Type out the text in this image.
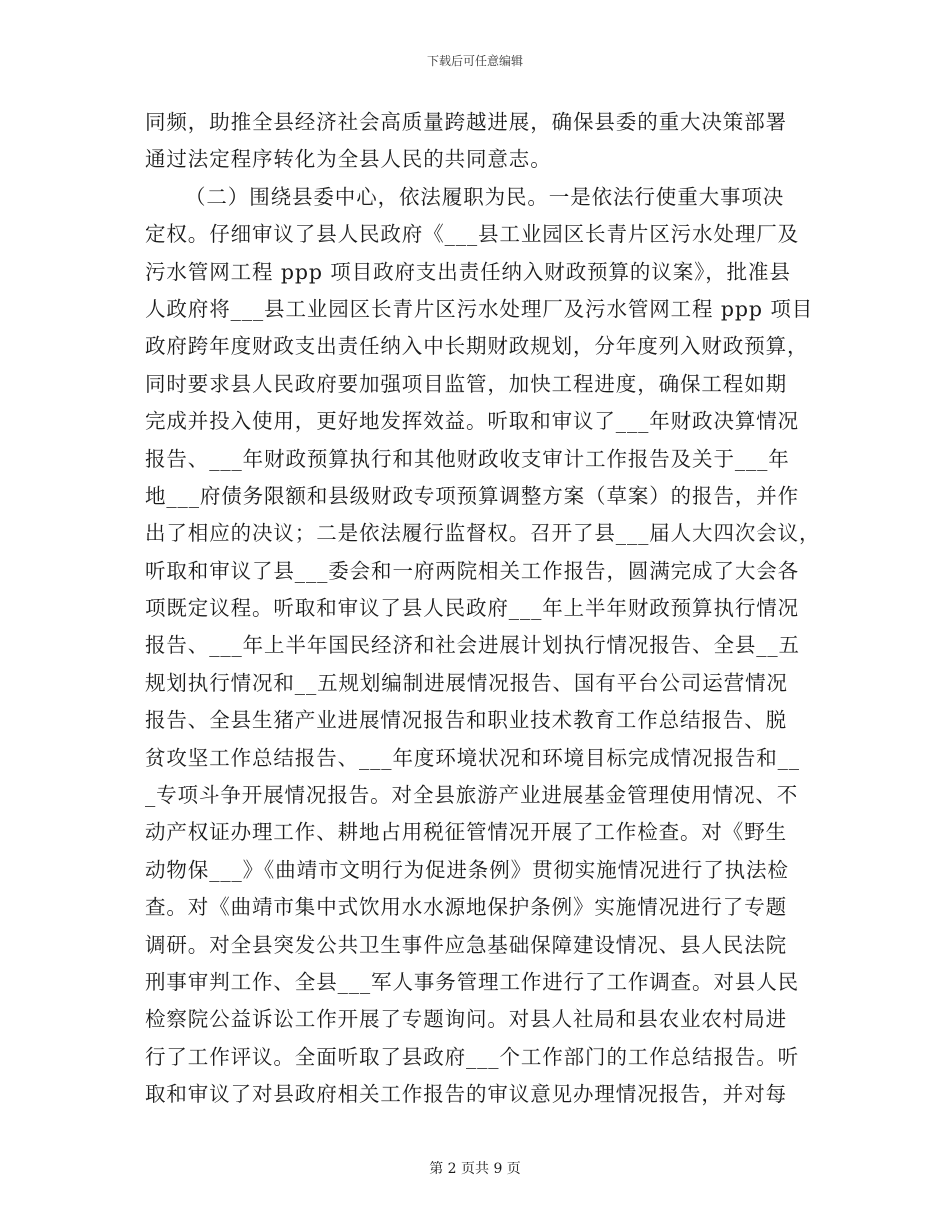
下载后可任意编辑
同频，助推全县经济社会高质量跨越进展，确保县委的重大决策部署
通过法定程序转化为全县人民的共同意志。
（二）围绕县委中心，依法履职为民。一是依法行使重大事项决
定权。仔细审议了县人民政府《___县工业园区长青片区污水处理厂及
污水管网工程 ppp 项目政府支出责任纳入财政预算的议案》，批准县
人政府将___县工业园区长青片区污水处理厂及污水管网工程 ppp 项目
政府跨年度财政支出责任纳入中长期财政规划，分年度列入财政预算，
同时要求县人民政府要加强项目监管，加快工程进度，确保工程如期
完成并投入使用，更好地发挥效益。听取和审议了___年财政决算情况
报告、___年财政预算执行和其他财政收支审计工作报告及关于___年
地___府债务限额和县级财政专项预算调整方案（草案）的报告，并作
出了相应的决议；二是依法履行监督权。召开了县___届人大四次会议，
听取和审议了县___委会和一府两院相关工作报告，圆满完成了大会各
项既定议程。听取和审议了县人民政府___年上半年财政预算执行情况
报告、___年上半年国民经济和社会进展计划执行情况报告、全县__五
规划执行情况和__五规划编制进展情况报告、国有平台公司运营情况
报告、全县生猪产业进展情况报告和职业技术教育工作总结报告、脱
贫攻坚工作总结报告、___年度环境状况和环境目标完成情况报告和__
_专项斗争开展情况报告。对全县旅游产业进展基金管理使用情况、不
动产权证办理工作、耕地占用税征管情况开展了工作检查。对《野生
动物保___》《曲靖市文明行为促进条例》贯彻实施情况进行了执法检
查。对《曲靖市集中式饮用水水源地保护条例》实施情况进行了专题
调研。对全县突发公共卫生事件应急基础保障建设情况、县人民法院
刑事审判工作、全县___军人事务管理工作进行了工作调查。对县人民
检察院公益诉讼工作开展了专题询问。对县人社局和县农业农村局进
行了工作评议。全面听取了县政府___个工作部门的工作总结报告。听
取和审议了对县政府相关工作报告的审议意见办理情况报告，并对每
第 2 页共 9 页
